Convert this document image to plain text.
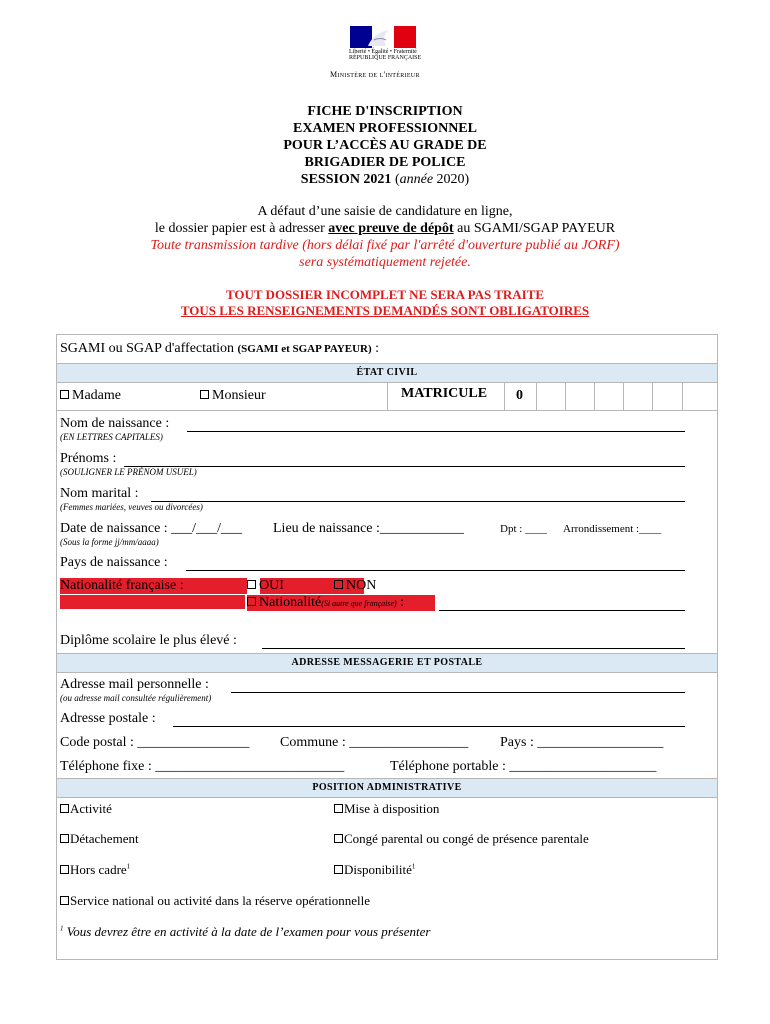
Liberté • Égalité • Fraternité
RÉPUBLIQUE FRANÇAISE
Ministère de l'intérieur
FICHE D'INSCRIPTION
EXAMEN PROFESSIONNEL
POUR L’ACCÈS AU GRADE DE
BRIGADIER DE POLICE
SESSION 2021 (année 2020)
A défaut d’une saisie de candidature en ligne,
le dossier papier est à adresser avec preuve de dépôt au SGAMI/SGAP PAYEUR
Toute transmission tardive (hors délai fixé par l'arrêté d'ouverture publié au JORF)
sera systématiquement rejetée.
TOUT DOSSIER INCOMPLET NE SERA PAS TRAITE
TOUS LES RENSEIGNEMENTS DEMANDÉS SONT OBLIGATOIRES
SGAMI ou SGAP d'affectation (SGAMI et SGAP PAYEUR) :
ÉTAT CIVIL
Madame	Monsieur	MATRICULE 0
Nom de naissance :
(EN LETTRES CAPITALES)
Prénoms :
(SOULIGNER LE PRÉNOM USUEL)
Nom marital :
(Femmes mariées, veuves ou divorcées)
Date de naissance : ___/___/___ Lieu de naissance :____________	Dpt : ____ Arrondissement :____
(Sous la forme jj/mm/aaaa)
Pays de naissance :
Nationalité française :	OUI	NON
Nationalité(Si autre que française) :
Diplôme scolaire le plus élevé :
ADRESSE MESSAGERIE ET POSTALE
Adresse mail personnelle :
(ou adresse mail consultée régulièrement)
Adresse postale :
Code postal : ________________ Commune : _________________ Pays : __________________
Téléphone fixe : ___________________________	Téléphone portable : _____________________
POSITION ADMINISTRATIVE
Activité	Mise à disposition
Détachement	Congé parental ou congé de présence parentale
Hors cadre$^1$	Disponibilité$^1$
Service national ou activité dans la réserve opérationnelle
$^1$ Vous devrez être en activité à la date de l’examen pour vous présenter
